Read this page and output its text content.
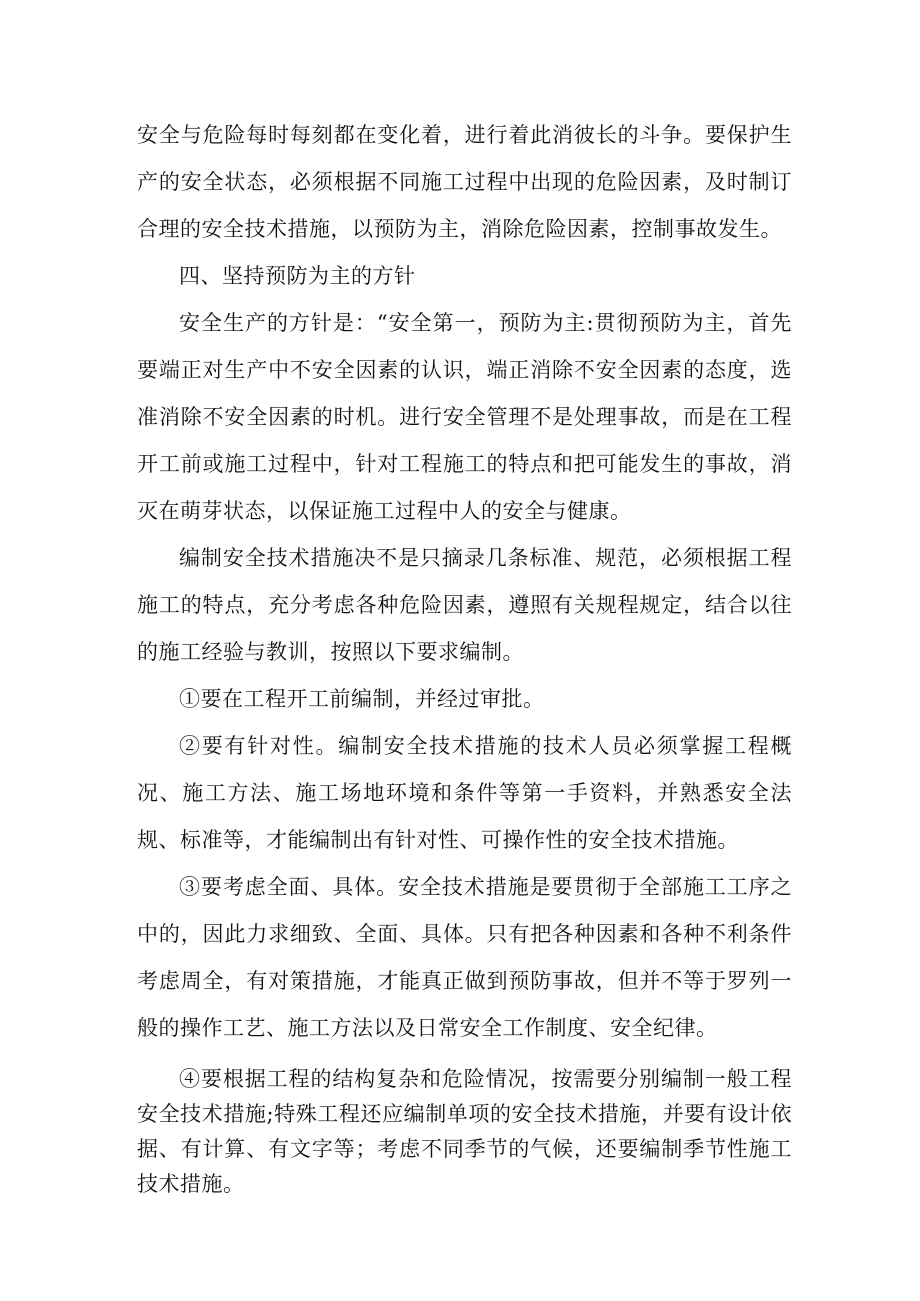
安全与危险每时每刻都在变化着，进行着此消彼长的斗争。要保护生产的安全状态，必须根据不同施工过程中出现的危险因素，及时制订合理的安全技术措施，以预防为主，消除危险因素，控制事故发生。

四、坚持预防为主的方针

安全生产的方针是：“安全第一，预防为主:贯彻预防为主，首先要端正对生产中不安全因素的认识，端正消除不安全因素的态度，选准消除不安全因素的时机。进行安全管理不是处理事故，而是在工程开工前或施工过程中，针对工程施工的特点和把可能发生的事故，消灭在萌芽状态，以保证施工过程中人的安全与健康。

编制安全技术措施决不是只摘录几条标准、规范，必须根据工程施工的特点，充分考虑各种危险因素，遵照有关规程规定，结合以往的施工经验与教训，按照以下要求编制。

①要在工程开工前编制，并经过审批。

②要有针对性。编制安全技术措施的技术人员必须掌握工程概况、施工方法、施工场地环境和条件等第一手资料，并熟悉安全法规、标准等，才能编制出有针对性、可操作性的安全技术措施。

③要考虑全面、具体。安全技术措施是要贯彻于全部施工工序之中的，因此力求细致、全面、具体。只有把各种因素和各种不利条件考虑周全，有对策措施，才能真正做到预防事故，但并不等于罗列一般的操作工艺、施工方法以及日常安全工作制度、安全纪律。

④要根据工程的结构复杂和危险情况，按需要分别编制一般工程安全技术措施;特殊工程还应编制单项的安全技术措施，并要有设计依据、有计算、有文字等；考虑不同季节的气候，还要编制季节性施工技术措施。
